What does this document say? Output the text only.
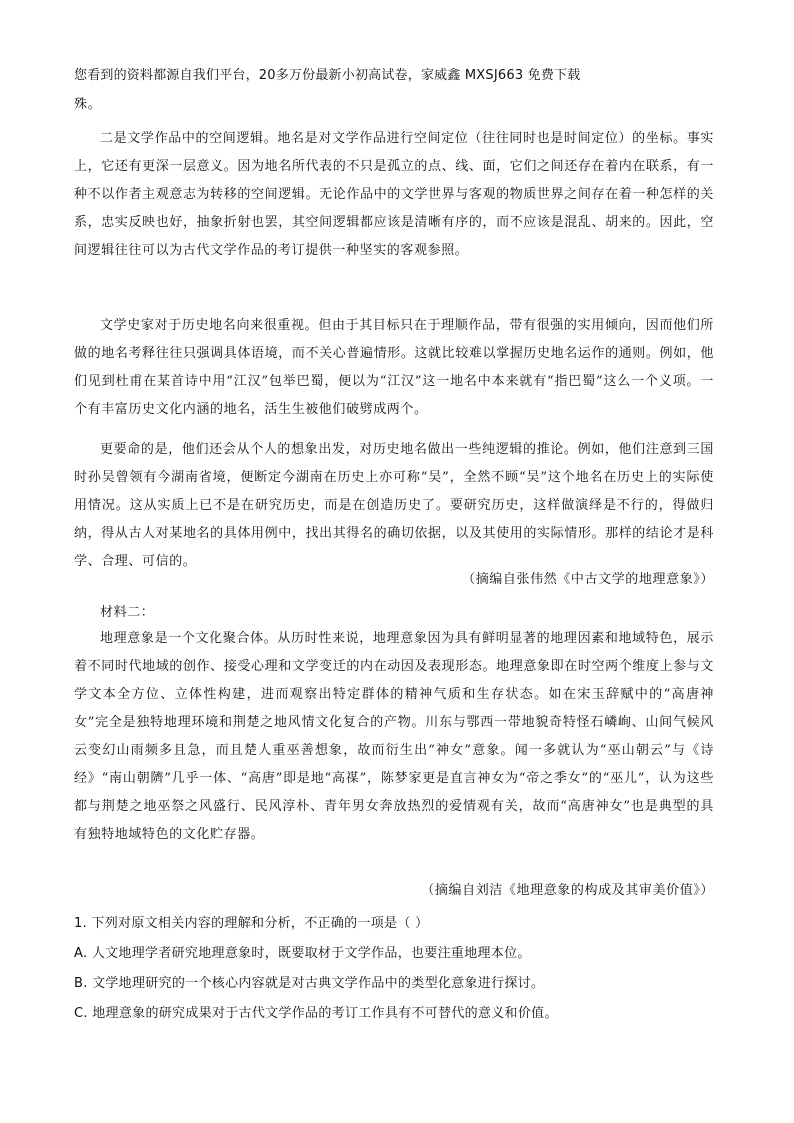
您看到的资料都源自我们平台，20多万份最新小初高试卷，家威鑫 MXSJ663 免费下载

殊。

二是文学作品中的空间逻辑。地名是对文学作品进行空间定位（往往同时也是时间定位）的坐标。事实上，它还有更深一层意义。因为地名所代表的不只是孤立的点、线、面，它们之间还存在着内在联系，有一种不以作者主观意志为转移的空间逻辑。无论作品中的文学世界与客观的物质世界之间存在着一种怎样的关系，忠实反映也好，抽象折射也罢，其空间逻辑都应该是清晰有序的，而不应该是混乱、胡来的。因此，空间逻辑往往可以为古代文学作品的考订提供一种坚实的客观参照。

文学史家对于历史地名向来很重视。但由于其目标只在于理顺作品，带有很强的实用倾向，因而他们所做的地名考释往往只强调具体语境，而不关心普遍情形。这就比较难以掌握历史地名运作的通则。例如，他们见到杜甫在某首诗中用“江汉”包举巴蜀，便以为“江汉”这一地名中本来就有“指巴蜀”这么一个义项。一个有丰富历史文化内涵的地名，活生生被他们破劈成两个。

更要命的是，他们还会从个人的想象出发，对历史地名做出一些纯逻辑的推论。例如，他们注意到三国时孙吴曾领有今湖南省境，便断定今湖南在历史上亦可称“吴”，全然不顾“吴”这个地名在历史上的实际使用情况。这从实质上已不是在研究历史，而是在创造历史了。要研究历史，这样做演绎是不行的，得做归纳，得从古人对某地名的具体用例中，找出其得名的确切依据，以及其使用的实际情形。那样的结论才是科学、合理、可信的。

（摘编自张伟然《中古文学的地理意象》）
材料二：

地理意象是一个文化聚合体。从历时性来说，地理意象因为具有鲜明显著的地理因素和地域特色，展示着不同时代地域的创作、接受心理和文学变迁的内在动因及表现形态。地理意象即在时空两个维度上参与文学文本全方位、立体性构建，进而观察出特定群体的精神气质和生存状态。如在宋玉辞赋中的“高唐神女”完全是独特地理环境和荆楚之地风情文化复合的产物。川东与鄂西一带地貌奇特怪石嶙峋、山间气候风云变幻山雨频多且急，而且楚人重巫善想象，故而衍生出“神女”意象。闻一多就认为“巫山朝云”与《诗经》“南山朝隮”几乎一体、“高唐”即是地“高禖”，陈梦家更是直言神女为“帝之季女”的“巫儿”，认为这些都与荆楚之地巫祭之风盛行、民风淳朴、青年男女奔放热烈的爱情观有关，故而“高唐神女”也是典型的具有独特地域特色的文化贮存器。

（摘编自刘洁《地理意象的构成及其审美价值》）
1. 下列对原文相关内容的理解和分析，不正确的一项是（ ）
A. 人文地理学者研究地理意象时，既要取材于文学作品，也要注重地理本位。
B. 文学地理研究的一个核心内容就是对古典文学作品中的类型化意象进行探讨。
C. 地理意象的研究成果对于古代文学作品的考订工作具有不可替代的意义和价值。
